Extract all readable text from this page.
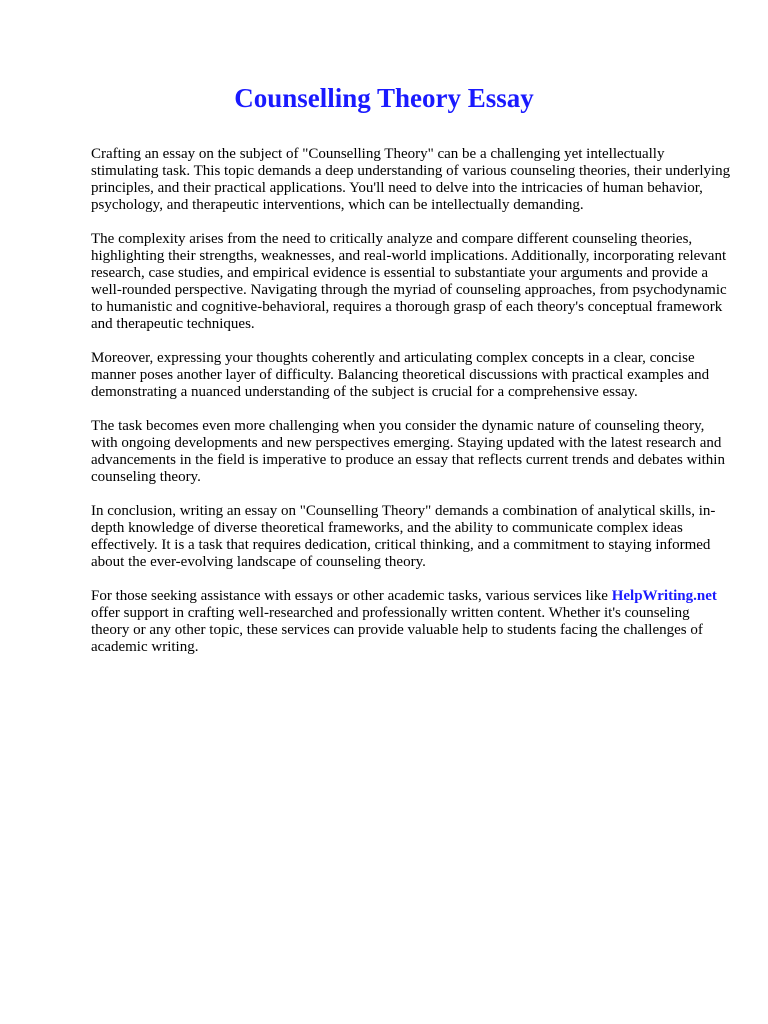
Counselling Theory Essay

Crafting an essay on the subject of "Counselling Theory" can be a challenging yet intellectually stimulating task. This topic demands a deep understanding of various counseling theories, their underlying principles, and their practical applications. You'll need to delve into the intricacies of human behavior, psychology, and therapeutic interventions, which can be intellectually demanding.

The complexity arises from the need to critically analyze and compare different counseling theories, highlighting their strengths, weaknesses, and real-world implications. Additionally, incorporating relevant research, case studies, and empirical evidence is essential to substantiate your arguments and provide a well-rounded perspective. Navigating through the myriad of counseling approaches, from psychodynamic to humanistic and cognitive-behavioral, requires a thorough grasp of each theory's conceptual framework and therapeutic techniques.

Moreover, expressing your thoughts coherently and articulating complex concepts in a clear, concise manner poses another layer of difficulty. Balancing theoretical discussions with practical examples and demonstrating a nuanced understanding of the subject is crucial for a comprehensive essay.

The task becomes even more challenging when you consider the dynamic nature of counseling theory, with ongoing developments and new perspectives emerging. Staying updated with the latest research and advancements in the field is imperative to produce an essay that reflects current trends and debates within counseling theory.

In conclusion, writing an essay on "Counselling Theory" demands a combination of analytical skills, in-depth knowledge of diverse theoretical frameworks, and the ability to communicate complex ideas effectively. It is a task that requires dedication, critical thinking, and a commitment to staying informed about the ever-evolving landscape of counseling theory.

For those seeking assistance with essays or other academic tasks, various services like HelpWriting.net offer support in crafting well-researched and professionally written content. Whether it's counseling theory or any other topic, these services can provide valuable help to students facing the challenges of academic writing.
